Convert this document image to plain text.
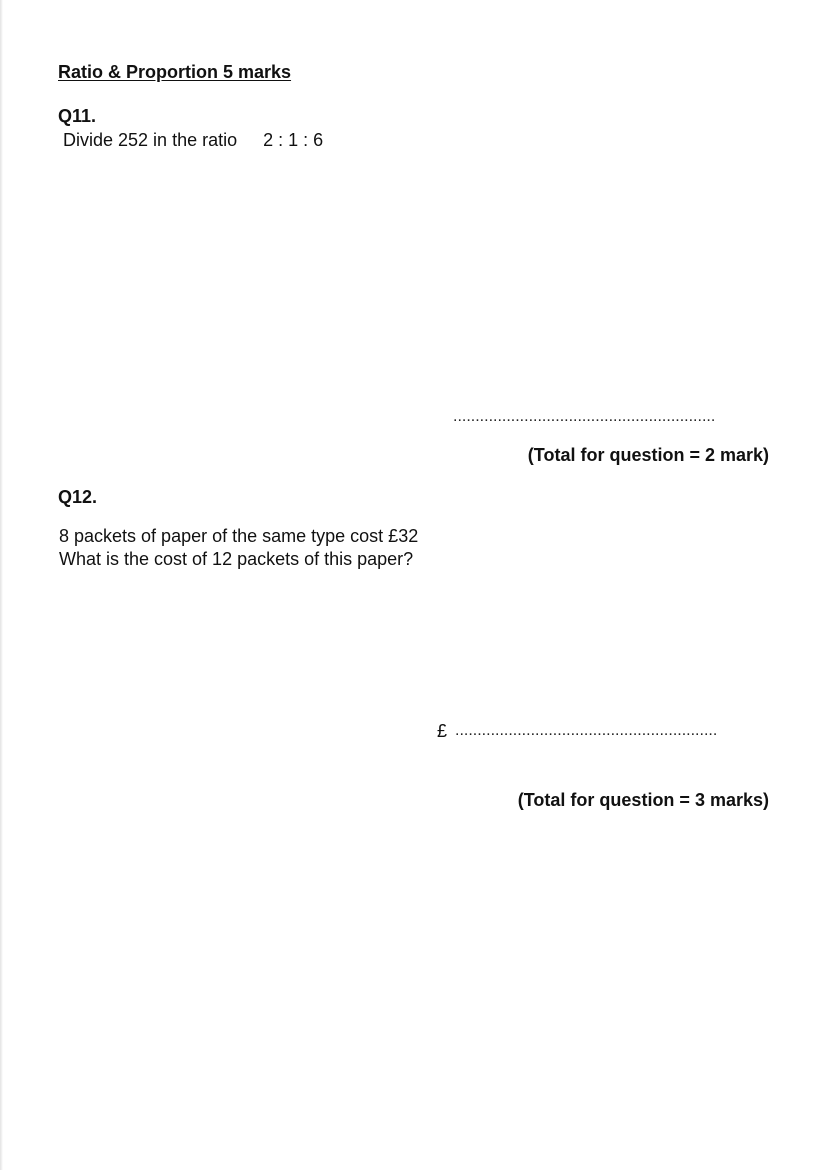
Ratio & Proportion 5 marks
Q11.
Divide 252 in the ratio 2 : 1 : 6
...........................................................
(Total for question = 2 mark)
Q12.
8 packets of paper of the same type cost £32
What is the cost of 12 packets of this paper?
£ ...........................................................
(Total for question = 3 marks)
